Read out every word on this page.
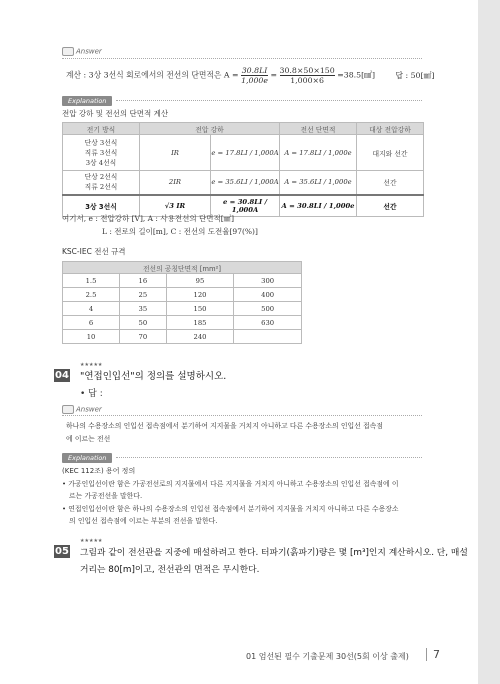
Answer
계산 : 3상 3선식 회로에서의 전선의 단면적은 $A = \frac{30.8LI}{1,000e} = \frac{30.8\times 50\times 150}{1,000\times 6}$ =38.5[㎟]	답 : 50[㎟]
Explanation
전압 강하 및 전선의 단면적 계산
전기 방식	전압 강하		전선 단면적	대상 전압강하
단상 3선식
직류 3선식
3상 4선식	IR	e = 17.8LI / 1,000A	A = 17.8LI / 1,000e	대지와 선간
단상 2선식
직류 2선식	2IR	e = 35.6LI / 1,000A	A = 35.6LI / 1,000e	선간
3상 3선식	√3 IR	e = 30.8LI / 1,000A	A = 30.8LI / 1,000e	선간
여기서, e : 전압강하 [V], A : 사용전선의 단면적[㎟]
L : 전로의 길이[m], C : 전선의 도전율[97(%)]
KSC-IEC 전선 규격
전선의 공칭단면적 [mm²]			
1.5	16	95	300
2.5	25	120	400
4	35	150	500
6	50	185	630
10	70	240	
★★★★★
04 "연접인입선"의 정의를 설명하시오.
• 답 :
Answer
하나의 수용장소의 인입선 접속점에서 분기하여 지지물을 거치지 아니하고 다른 수용장소의 인입선 접속점
에 이르는 전선
Explanation
(KEC 112조) 용어 정의
• 가공인입선이란 함은 가공전선로의 지지물에서 다른 지지물을 거치지 아니하고 수용장소의 인입선 접속점에 이
르는 가공전선을 말한다.
• 연접인입선이란 함은 하나의 수용장소의 인입선 접속점에서 분기하여 지지물을 거치지 아니하고 다른 수용장소
의 인입선 접속점에 이르는 부분의 전선을 말한다.
★★★★★
05 그림과 같이 전선관을 지중에 매설하려고 한다. 터파기(흙파기)량은 몇 [m³]인지 계산하시오. 단, 매설
거리는 80[m]이고, 전선관의 면적은 무시한다.
01 엄선된 필수 기출문제 30선(5회 이상 출제)	7
